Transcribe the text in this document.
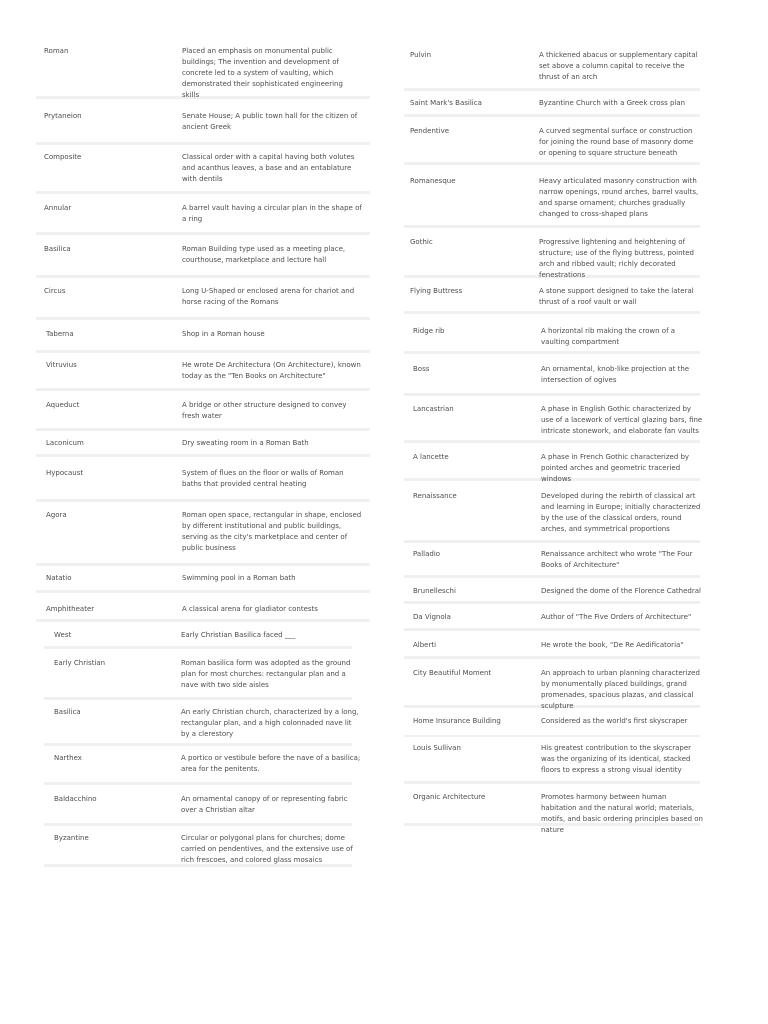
Roman	Placed an emphasis on monumental public buildings; The invention and development of concrete led to a system of vaulting, which demonstrated their sophisticated engineering skills
Prytaneion	Senate House; A public town hall for the citizen of ancient Greek
Composite	Classical order with a capital having both volutes and acanthus leaves, a base and an entablature with dentils
Annular	A barrel vault having a circular plan in the shape of a ring
Basilica	Roman Building type used as a meeting place, courthouse, marketplace and lecture hall
Circus	Long U-Shaped or enclosed arena for chariot and horse racing of the Romans
Taberna	Shop in a Roman house
Vitruvius	He wrote De Architectura (On Architecture), known today as the "Ten Books on Architecture"
Aqueduct	A bridge or other structure designed to convey fresh water
Laconicum	Dry sweating room in a Roman Bath
Hypocaust	System of flues on the floor or walls of Roman baths that provided central heating
Agora	Roman open space, rectangular in shape, enclosed by different institutional and public buildings, serving as the city's marketplace and center of public business
Natatio	Swimming pool in a Roman bath
Amphitheater	A classical arena for gladiator contests
West	Early Christian Basilica faced ___
Early Christian	Roman basilica form was adopted as the ground plan for most churches: rectangular plan and a nave with two side aisles
Basilica	An early Christian church, characterized by a long, rectangular plan, and a high colonnaded nave lit by a clerestory
Narthex	A portico or vestibule before the nave of a basilica; area for the penitents.
Baldacchino	An ornamental canopy of or representing fabric over a Christian altar
Byzantine	Circular or polygonal plans for churches; dome carried on pendentives, and the extensive use of rich frescoes, and colored glass mosaics
Pulvin	A thickened abacus or supplementary capital set above a column capital to receive the thrust of an arch
Saint Mark's Basilica	Byzantine Church with a Greek cross plan
Pendentive	A curved segmental surface or construction for joining the round base of masonry dome or opening to square structure beneath
Romanesque	Heavy articulated masonry construction with narrow openings, round arches, barrel vaults, and sparse ornament; churches gradually changed to cross-shaped plans
Gothic	Progressive lightening and heightening of structure; use of the flying buttress, pointed arch and ribbed vault; richly decorated fenestrations
Flying Buttress	A stone support designed to take the lateral thrust of a roof vault or wall
Ridge rib	A horizontal rib making the crown of a vaulting compartment
Boss	An ornamental, knob-like projection at the intersection of ogives
Lancastrian	A phase in English Gothic characterized by use of a lacework of vertical glazing bars, fine intricate stonework, and elaborate fan vaults
A lancette	A phase in French Gothic characterized by pointed arches and geometric traceried windows
Renaissance	Developed during the rebirth of classical art and learning in Europe; initially characterized by the use of the classical orders, round arches, and symmetrical proportions
Palladio	Renaissance architect who wrote "The Four Books of Architecture"
Brunelleschi	Designed the dome of the Florence Cathedral
Da Vignola	Author of "The Five Orders of Architecture"
Alberti	He wrote the book, "De Re Aedificatoria"
City Beautiful Moment	An approach to urban planning characterized by monumentally placed buildings, grand promenades, spacious plazas, and classical sculpture
Home Insurance Building	Considered as the world's first skyscraper
Louis Sullivan	His greatest contribution to the skyscraper was the organizing of its identical, stacked floors to express a strong visual identity
Organic Architecture	Promotes harmony between human habitation and the natural world; materials, motifs, and basic ordering principles based on nature
